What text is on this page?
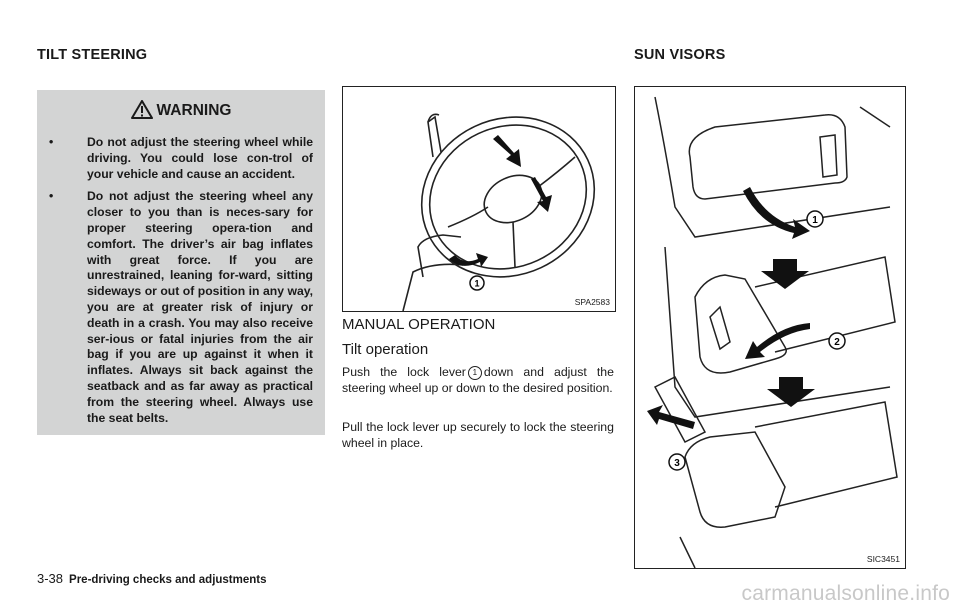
TILT STEERING	SUN VISORS
WARNING
•	Do not adjust the steering wheel while driving. You could lose con-trol of your vehicle and cause an accident.
•	Do not adjust the steering wheel any closer to you than is neces-sary for proper steering opera-tion and comfort. The driver’s air bag inflates with great force. If you are unrestrained, leaning for-ward, sitting sideways or out of position in any way, you are at greater risk of injury or death in a crash. You may also receive ser-ious or fatal injuries from the air bag if you are up against it when it inflates. Always sit back against the seatback and as far away as practical from the steering wheel. Always use the seat belts.
1
SPA2583
MANUAL OPERATION
Tilt operation
Push the lock lever 1 down and adjust the steering wheel up or down to the desired position.
Pull the lock lever up securely to lock the steering wheel in place.
1
2
3
SIC3451
3-38 Pre-driving checks and adjustments
carmanualsonline.info
